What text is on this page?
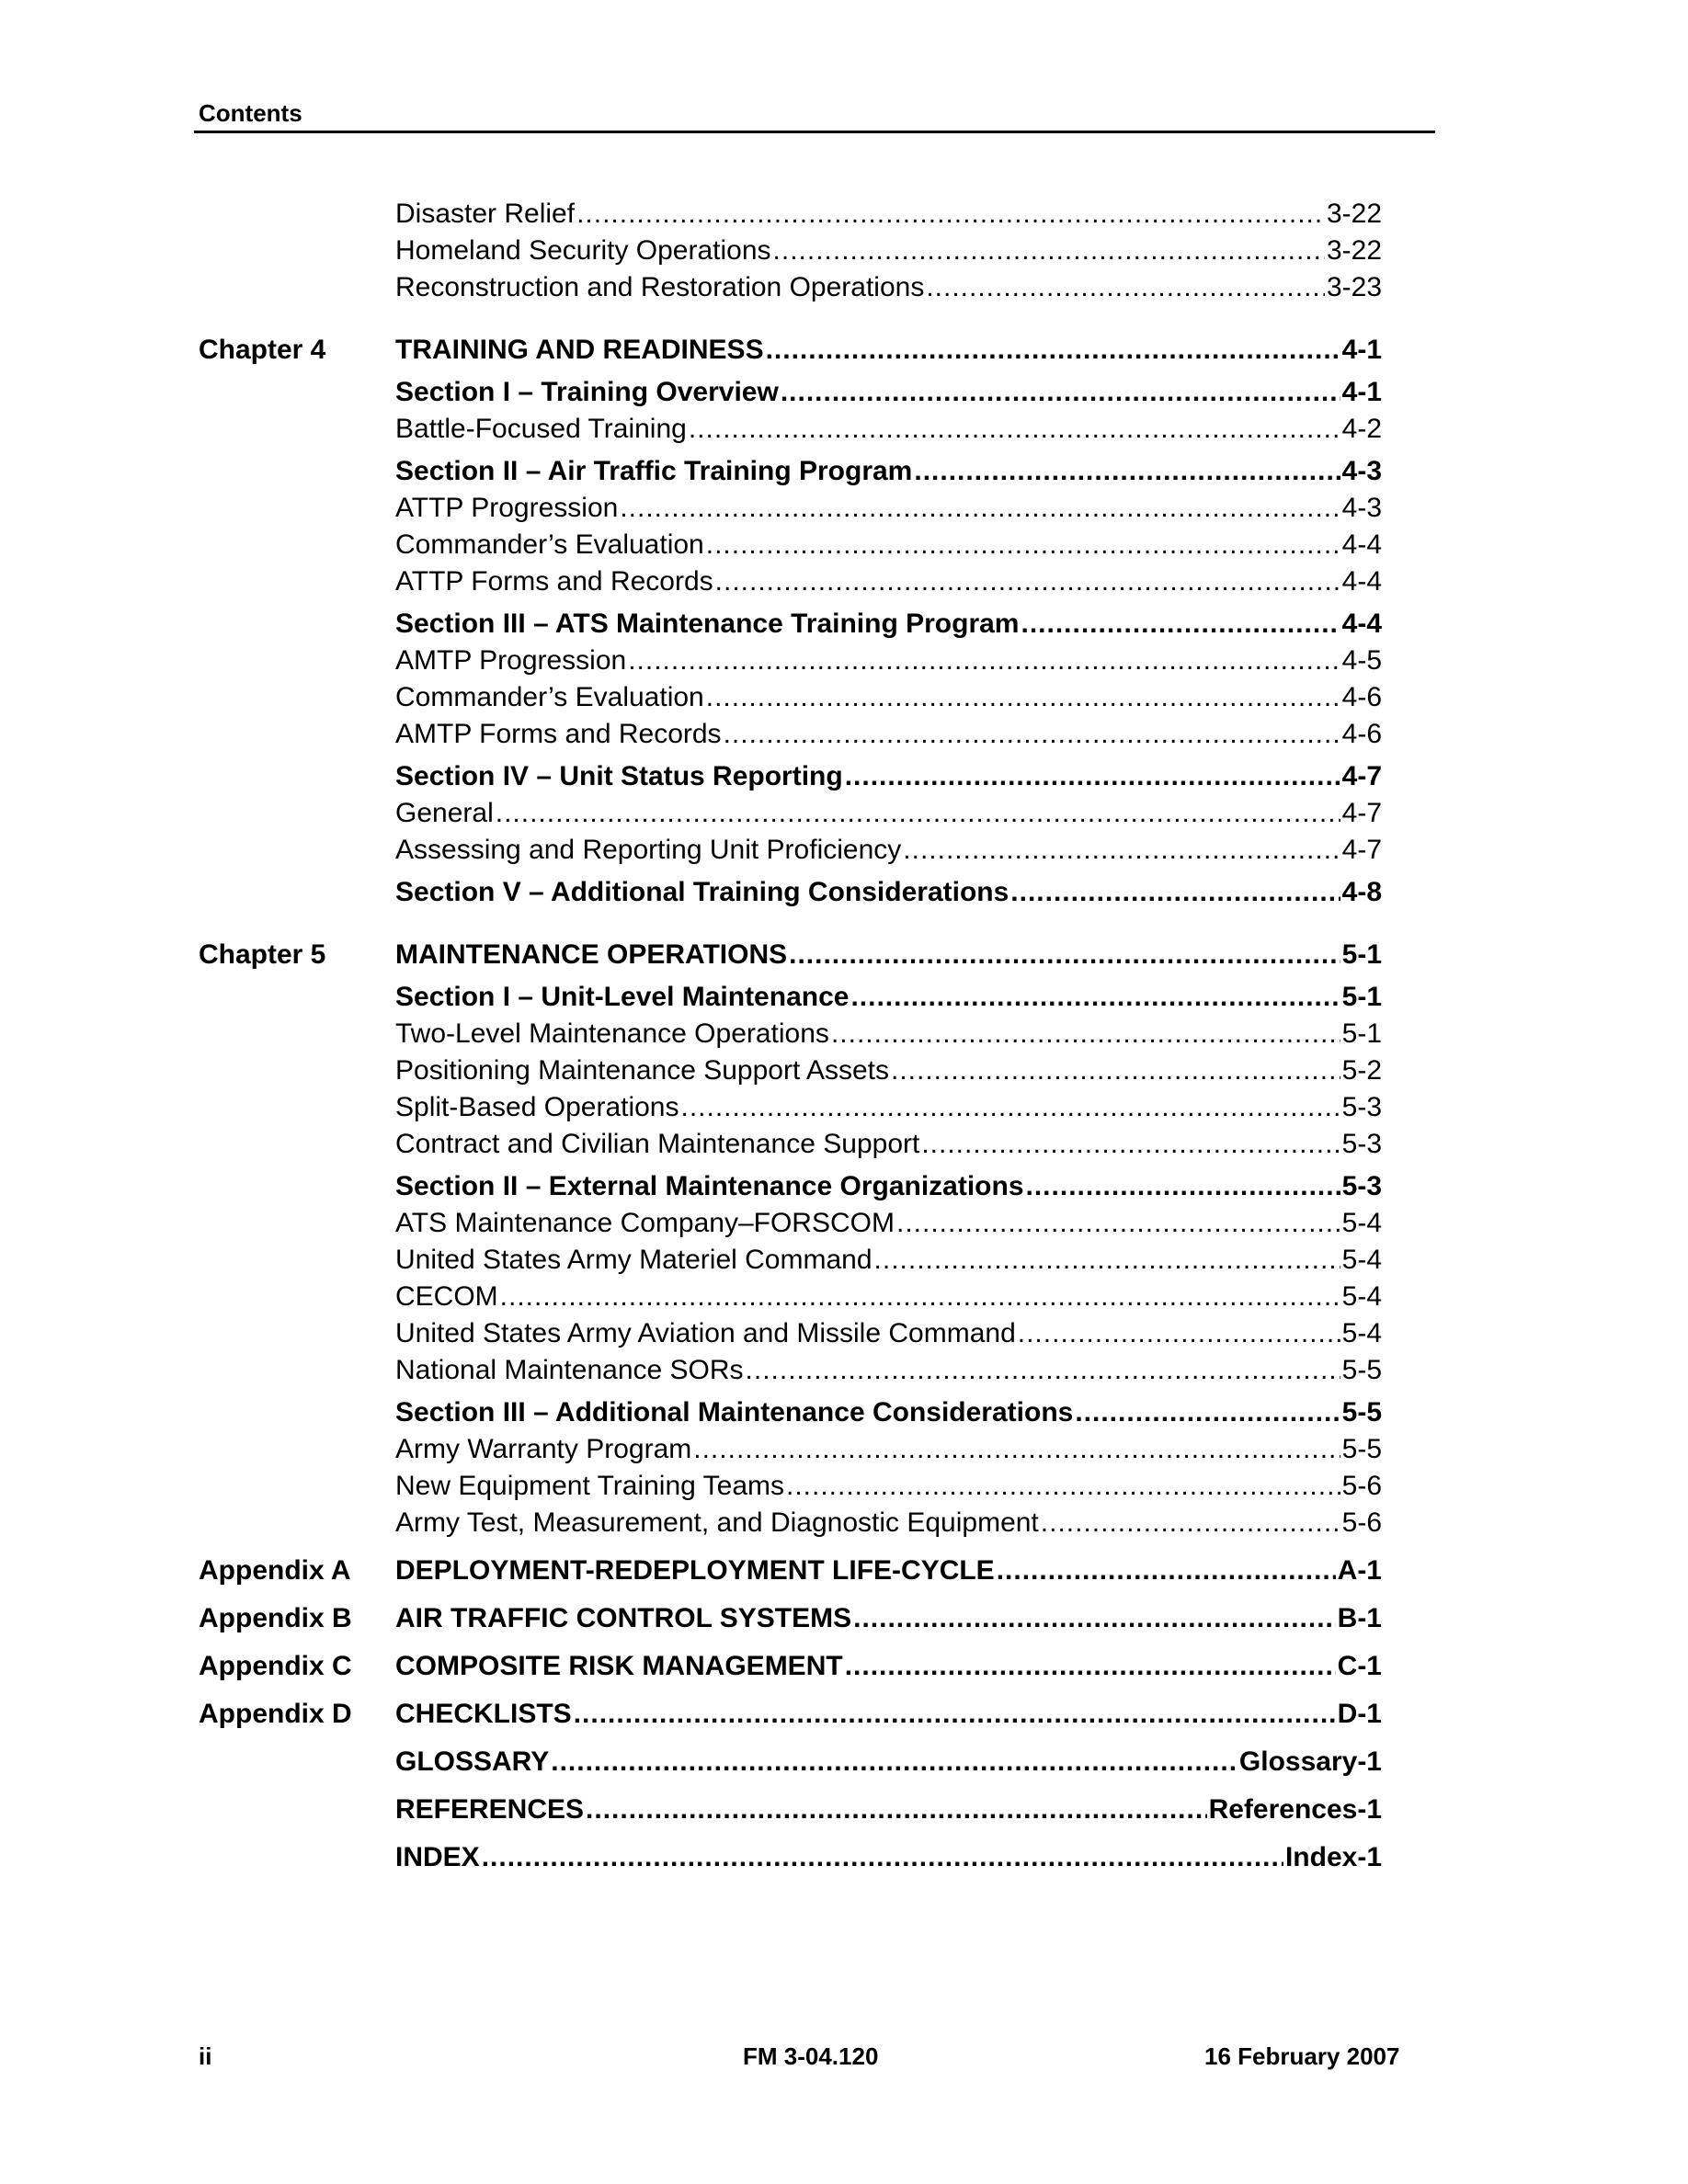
Contents
Disaster Relief .....	3-22
Homeland Security Operations .....	3-22
Reconstruction and Restoration Operations .....	3-23
Chapter 4	TRAINING AND READINESS .....	4-1
Section I – Training Overview .....	4-1
Battle-Focused Training .....	4-2
Section II – Air Traffic Training Program .....	4-3
ATTP Progression .....	4-3
Commander’s Evaluation .....	4-4
ATTP Forms and Records .....	4-4
Section III – ATS Maintenance Training Program .....	4-4
AMTP Progression .....	4-5
Commander’s Evaluation .....	4-6
AMTP Forms and Records .....	4-6
Section IV – Unit Status Reporting .....	4-7
General .....	4-7
Assessing and Reporting Unit Proficiency .....	4-7
Section V – Additional Training Considerations .....	4-8
Chapter 5	MAINTENANCE OPERATIONS .....	5-1
Section I – Unit-Level Maintenance .....	5-1
Two-Level Maintenance Operations .....	5-1
Positioning Maintenance Support Assets .....	5-2
Split-Based Operations .....	5-3
Contract and Civilian Maintenance Support .....	5-3
Section II – External Maintenance Organizations .....	5-3
ATS Maintenance Company–FORSCOM .....	5-4
United States Army Materiel Command .....	5-4
CECOM .....	5-4
United States Army Aviation and Missile Command .....	5-4
National Maintenance SORs .....	5-5
Section III – Additional Maintenance Considerations .....	5-5
Army Warranty Program .....	5-5
New Equipment Training Teams .....	5-6
Army Test, Measurement, and Diagnostic Equipment .....	5-6
Appendix A DEPLOYMENT-REDEPLOYMENT LIFE-CYCLE .....	A-1
Appendix B AIR TRAFFIC CONTROL SYSTEMS .....	B-1
Appendix C COMPOSITE RISK MANAGEMENT .....	C-1
Appendix D CHECKLISTS .....	D-1
GLOSSARY .....	Glossary-1
REFERENCES .....	References-1
INDEX .....	Index-1
ii	FM 3-04.120	16 February 2007
